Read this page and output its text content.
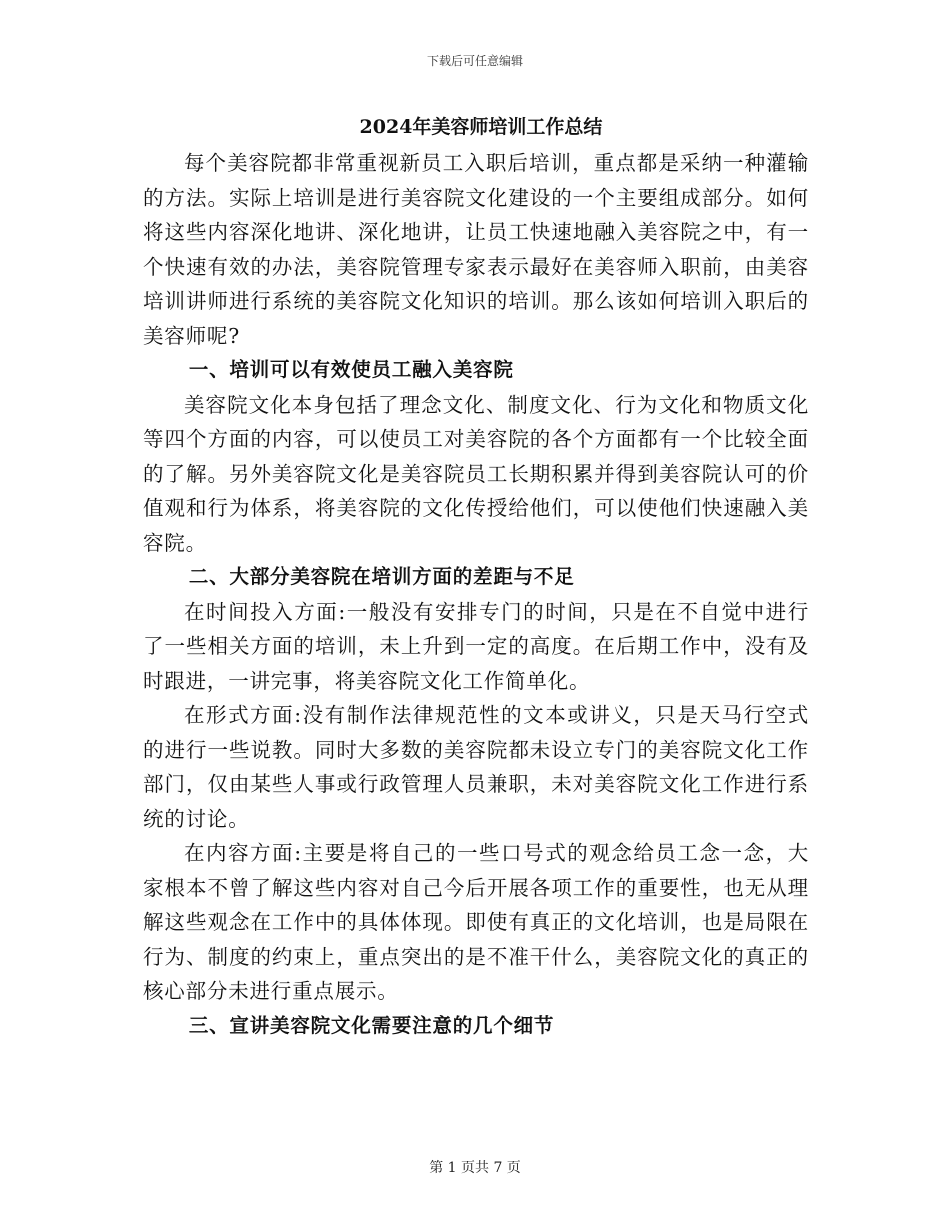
下载后可任意编辑
2024年美容师培训工作总结

每个美容院都非常重视新员工入职后培训，重点都是采纳一种灌输的方法。实际上培训是进行美容院文化建设的一个主要组成部分。如何将这些内容深化地讲、深化地讲，让员工快速地融入美容院之中，有一个快速有效的办法，美容院管理专家表示最好在美容师入职前，由美容培训讲师进行系统的美容院文化知识的培训。那么该如何培训入职后的美容师呢?

一、培训可以有效使员工融入美容院

美容院文化本身包括了理念文化、制度文化、行为文化和物质文化等四个方面的内容，可以使员工对美容院的各个方面都有一个比较全面的了解。另外美容院文化是美容院员工长期积累并得到美容院认可的价值观和行为体系，将美容院的文化传授给他们，可以使他们快速融入美容院。

二、大部分美容院在培训方面的差距与不足

在时间投入方面:一般没有安排专门的时间，只是在不自觉中进行了一些相关方面的培训，未上升到一定的高度。在后期工作中，没有及时跟进，一讲完事，将美容院文化工作简单化。

在形式方面:没有制作法律规范性的文本或讲义，只是天马行空式的进行一些说教。同时大多数的美容院都未设立专门的美容院文化工作部门，仅由某些人事或行政管理人员兼职，未对美容院文化工作进行系统的讨论。

在内容方面:主要是将自己的一些口号式的观念给员工念一念，大家根本不曾了解这些内容对自己今后开展各项工作的重要性，也无从理解这些观念在工作中的具体体现。即使有真正的文化培训，也是局限在行为、制度的约束上，重点突出的是不准干什么，美容院文化的真正的核心部分未进行重点展示。

三、宣讲美容院文化需要注意的几个细节

第 1 页共 7 页
